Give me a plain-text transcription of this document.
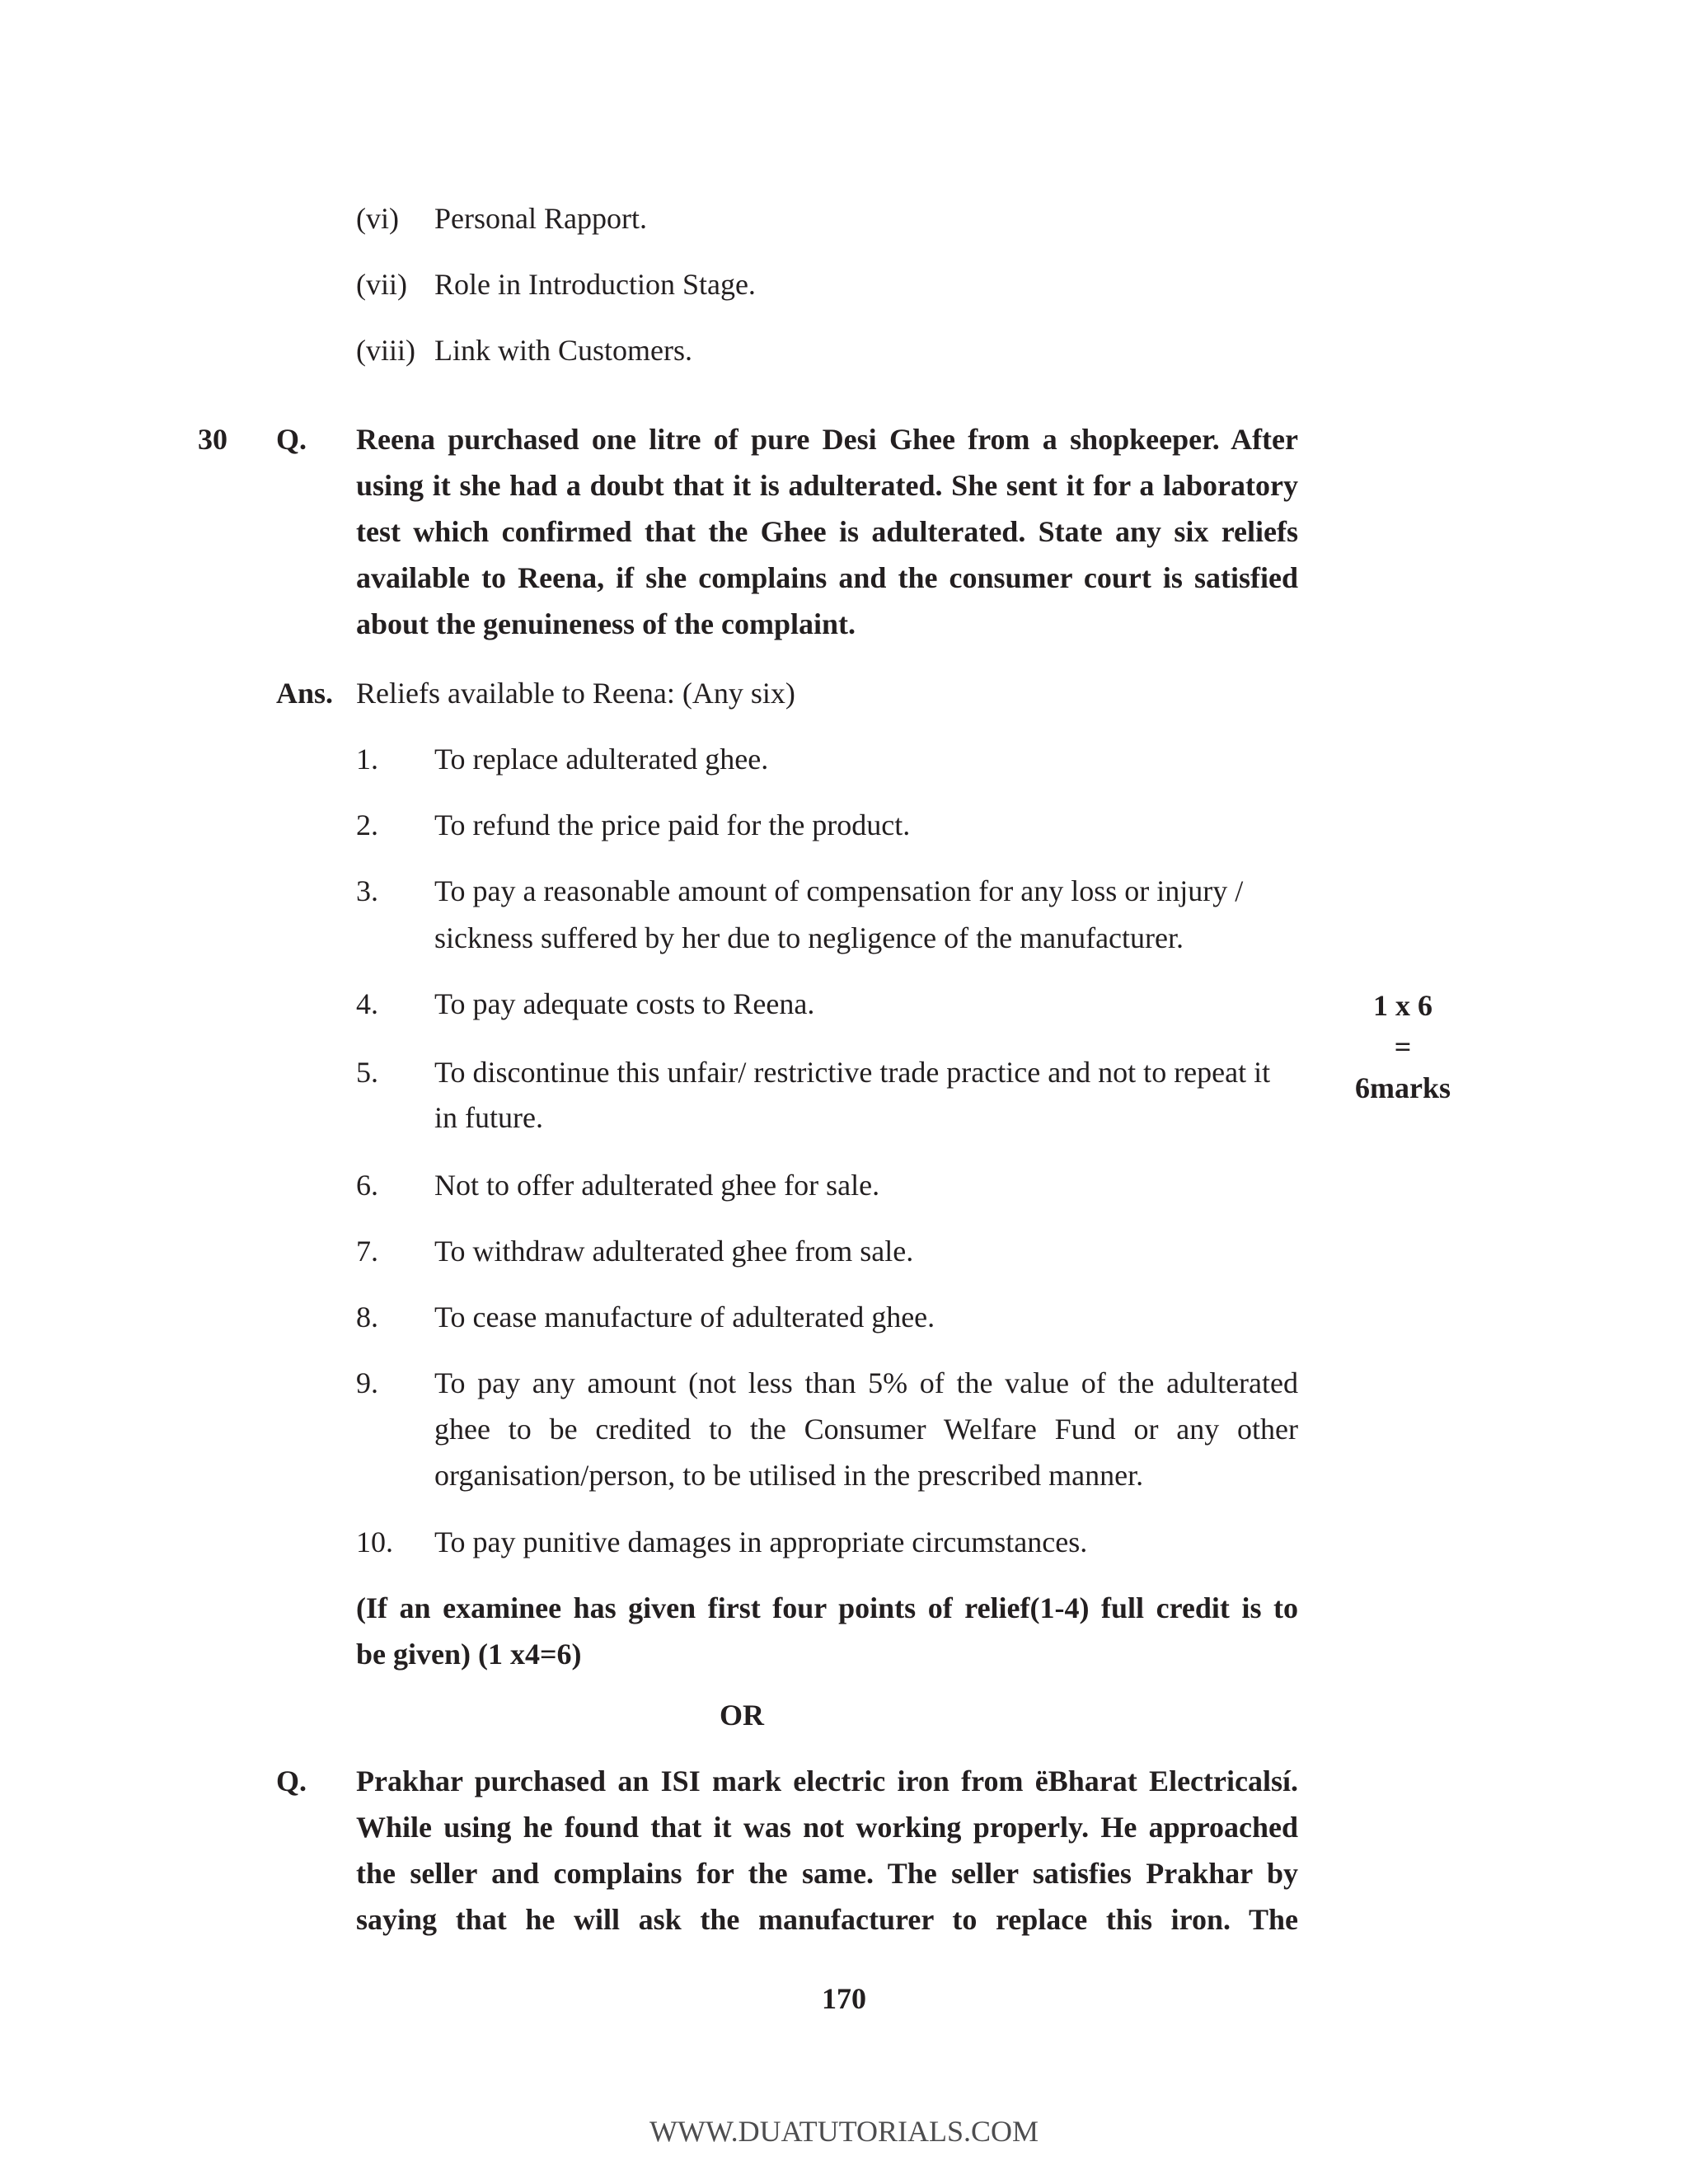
(vi) Personal Rapport.
(vii) Role in Introduction Stage.
(viii) Link with Customers.
30 Q. Reena purchased one litre of pure Desi Ghee from a shopkeeper. After
using it she had a doubt that it is adulterated. She sent it for a laboratory
test which confirmed that the Ghee is adulterated. State any six reliefs
available to Reena, if she complains and the consumer court is satisfied
about the genuineness of the complaint.
Ans. Reliefs available to Reena: (Any six)
1. To replace adulterated ghee.
2. To refund the price paid for the product.
3. To pay a reasonable amount of compensation for any loss or injury /
sickness suffered by her due to negligence of the manufacturer.
4. To pay adequate costs to Reena.
5. To discontinue this unfair/ restrictive trade practice and not to repeat it
in future.
6. Not to offer adulterated ghee for sale.
7. To withdraw adulterated ghee from sale.
8. To cease manufacture of adulterated ghee.
9. To pay any amount (not less than 5% of the value of the adulterated
ghee to be credited to the Consumer Welfare Fund or any other
organisation/person, to be utilised in the prescribed manner.
10. To pay punitive damages in appropriate circumstances.
(If an examinee has given first four points of relief(1-4) full credit is to
be given) (1 x4=6)
1 x 6
=
6marks
OR
Q. Prakhar purchased an ISI mark electric iron from ëBharat Electricalsí.
While using he found that it was not working properly. He approached
the seller and complains for the same. The seller satisfies Prakhar by
saying that he will ask the manufacturer to replace this iron. The
170
WWW.DUATUTORIALS.COM
